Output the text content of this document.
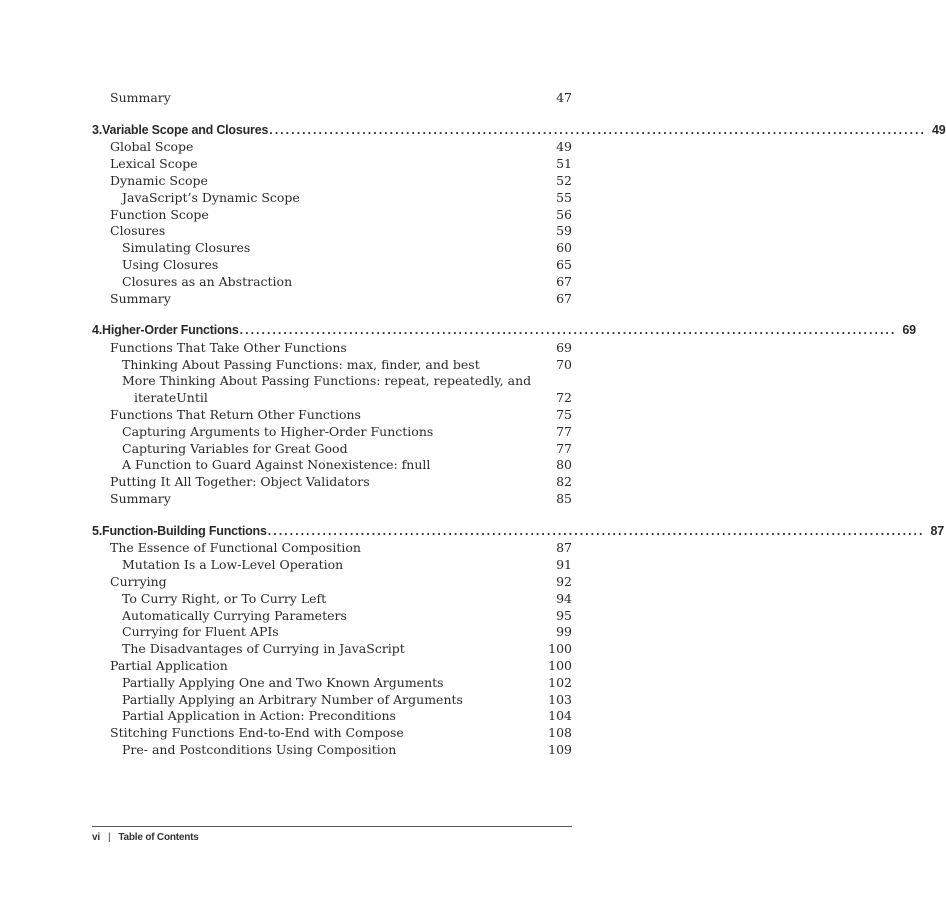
Summary	47
3. Variable Scope and Closures ........................................................................................................................ 49
Global Scope	49
Lexical Scope	51
Dynamic Scope	52
JavaScript’s Dynamic Scope	55
Function Scope	56
Closures	59
Simulating Closures	60
Using Closures	65
Closures as an Abstraction	67
Summary	67
4. Higher-Order Functions ........................................................................................................................ 69
Functions That Take Other Functions	69
Thinking About Passing Functions: max, finder, and best	70
More Thinking About Passing Functions: repeat, repeatedly, and
iterateUntil	72
Functions That Return Other Functions	75
Capturing Arguments to Higher-Order Functions	77
Capturing Variables for Great Good	77
A Function to Guard Against Nonexistence: fnull	80
Putting It All Together: Object Validators	82
Summary	85
5. Function-Building Functions ........................................................................................................................ 87
The Essence of Functional Composition	87
Mutation Is a Low-Level Operation	91
Currying	92
To Curry Right, or To Curry Left	94
Automatically Currying Parameters	95
Currying for Fluent APIs	99
The Disadvantages of Currying in JavaScript	100
Partial Application	100
Partially Applying One and Two Known Arguments	102
Partially Applying an Arbitrary Number of Arguments	103
Partial Application in Action: Preconditions	104
Stitching Functions End-to-End with Compose	108
Pre- and Postconditions Using Composition	109
vi | Table of Contents
